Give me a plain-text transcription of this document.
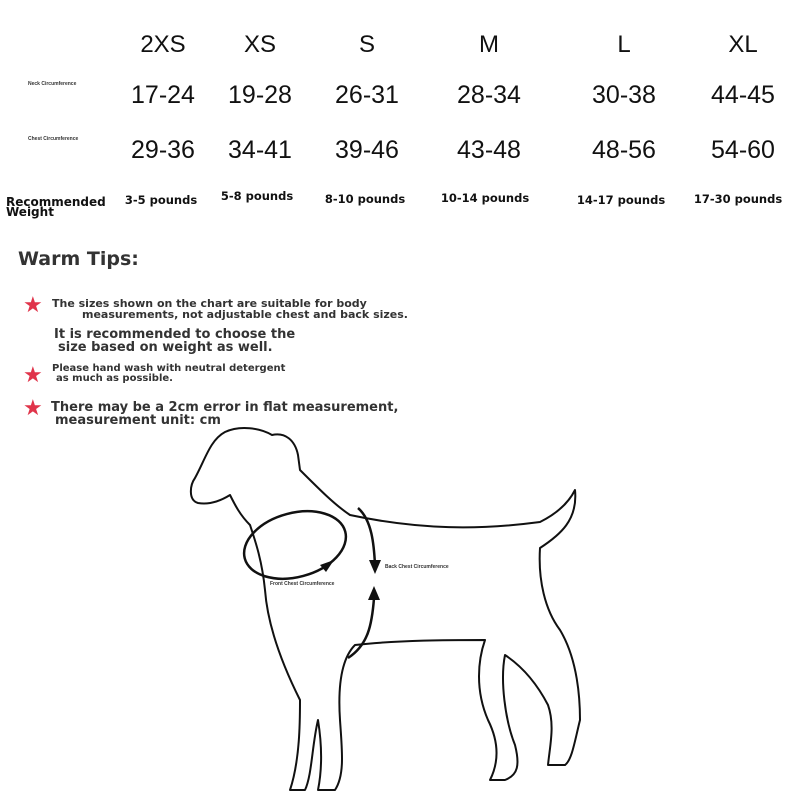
2XS XS	S	M	L	XL
Neck Circumference 17-24 19-28 26-31 28-34	30-38 44-45
Chest Circumference 29-36 34-41 39-46 43-48	48-56 54-60
Recommended Weight
3-5 pounds 5-8 pounds	8-10 pounds	10-14 pounds	14-17 pounds 17-30 pounds
Warm Tips:
★ The sizes shown on the chart are suitable for body
measurements, not adjustable chest and back sizes.
It is recommended to choose the
size based on weight as well.
★ Please hand wash with neutral detergent
as much as possible.
★ There may be a 2cm error in flat measurement,
measurement unit: cm
Front Chest Circumference
Back Chest Circumference
